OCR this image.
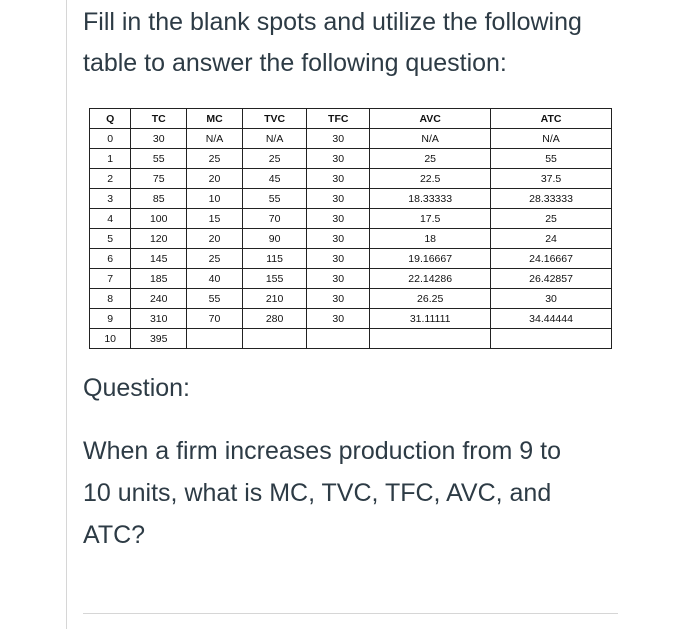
Fill in the blank spots and utilize the following
table to answer the following question:

Q	TC	MC	TVC	TFC	AVC	ATC
0	30	N/A	N/A	30	N/A	N/A
1	55	25	25	30	25	55
2	75	20	45	30	22.5	37.5
3	85	10	55	30	18.33333	28.33333
4	100	15	70	30	17.5	25
5	120	20	90	30	18	24
6	145	25	115	30	19.16667	24.16667
7	185	40	155	30	22.14286	26.42857
8	240	55	210	30	26.25	30
9	310	70	280	30	31.11111	34.44444
10	395					

Question:

When a firm increases production from 9 to
10 units, what is MC, TVC, TFC, AVC, and
ATC?
